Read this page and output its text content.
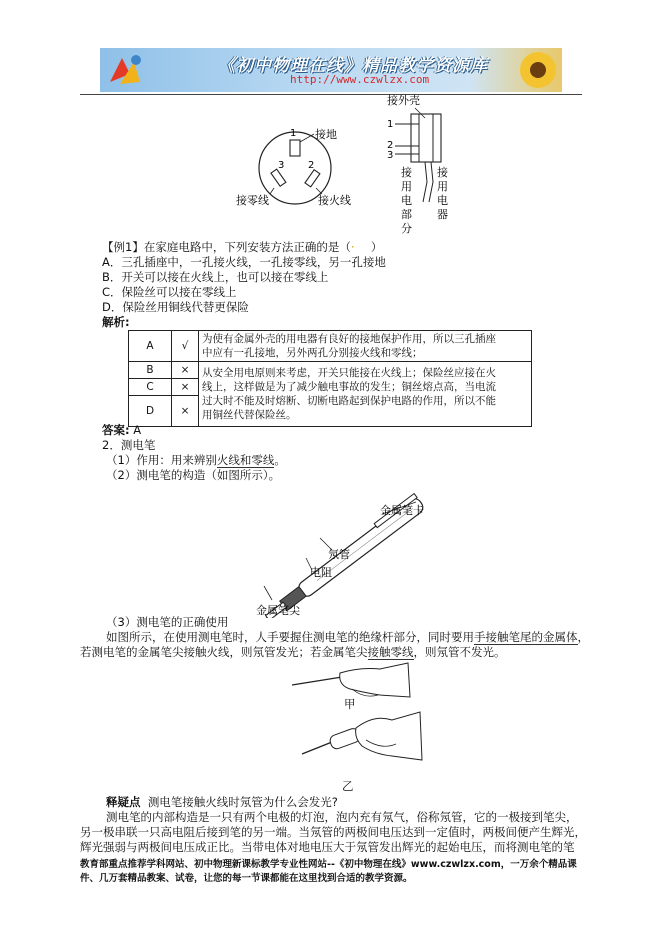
《初中物理在线》精品教学资源库
http://www.czwlzx.com
接地
1
3 2
接零线	接火线
接外壳
1
2
3
接
用
电
部
分
接
用
电
器
【例1】在家庭电路中，下列安装方法正确的是（· ）
A．三孔插座中，一孔接火线，一孔接零线，另一孔接地
B．开关可以接在火线上，也可以接在零线上
C．保险丝可以接在零线上
D．保险丝用铜线代替更保险
解析:
A	√	为使有金属外壳的用电器有良好的接地保护作用，所以三孔插座
中应有一孔接地，另外两孔分别接火线和零线；

B	×	从安全用电原则来考虑，开关只能接在火线上；保险丝应接在火
线上，这样做是为了减少触电事故的发生；铜丝熔点高，当电流
过大时不能及时熔断、切断电路起到保护电路的作用，所以不能
用铜丝代替保险丝。

C	×	
D	×	
答案: A
2．测电笔
（1）作用：用来辨别火线和零线。
（2）测电笔的构造（如图所示）。
金属笔卡
氖管
电阻
金属笔尖
（3）测电笔的正确使用
如图所示，在使用测电笔时，人手要握住测电笔的绝缘杆部分，同时要用手接触笔尾的金属体，
若测电笔的金属笔尖接触火线，则氖管发光；若金属笔尖接触零线，则氖管不发光。
甲
乙
释疑点 测电笔接触火线时氖管为什么会发光?
测电笔的内部构造是一只有两个电极的灯泡，泡内充有氖气，俗称氖管，它的一极接到笔尖，
另一极串联一只高电阻后接到笔的另一端。当氖管的两极间电压达到一定值时，两极间便产生辉光，
辉光强弱与两极间电压成正比。当带电体对地电压大于氖管发出辉光的起始电压，而将测电笔的笔
教育部重点推荐学科网站、初中物理新课标教学专业性网站--《初中物理在线》www.czwlzx.com，一万余个精品课
件、几万套精品教案、试卷，让您的每一节课都能在这里找到合适的教学资源。
